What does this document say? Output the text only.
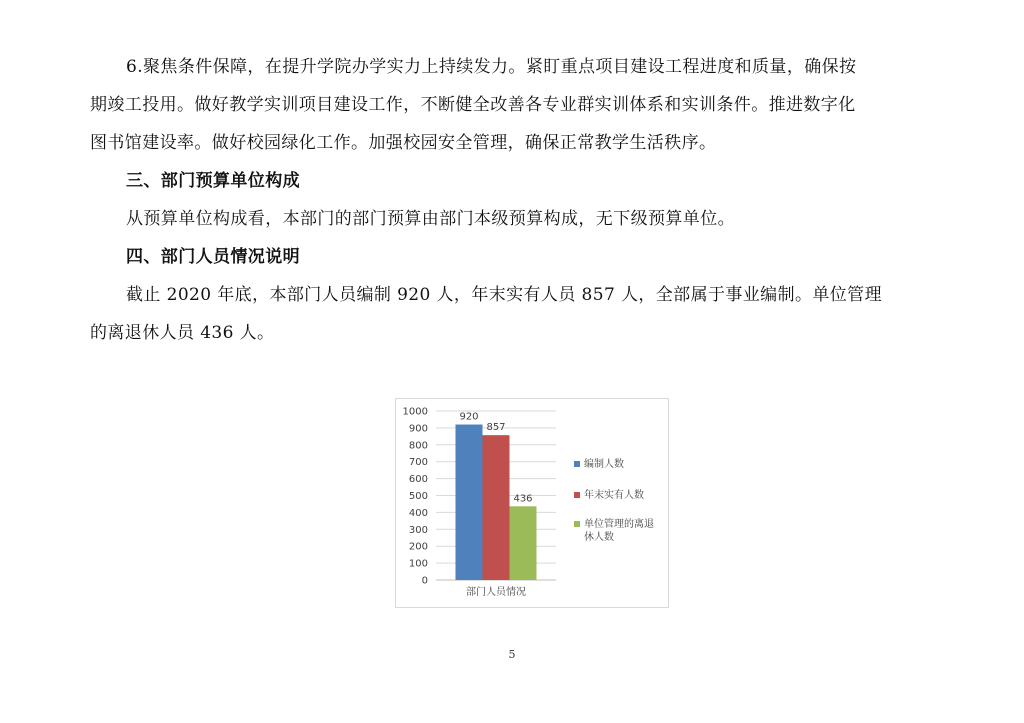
6.聚焦条件保障，在提升学院办学实力上持续发力。紧盯重点项目建设工程进度和质量，确保按
期竣工投用。做好教学实训项目建设工作，不断健全改善各专业群实训体系和实训条件。推进数字化
图书馆建设率。做好校园绿化工作。加强校园安全管理，确保正常教学生活秩序。
三、部门预算单位构成
从预算单位构成看，本部门的部门预算由部门本级预算构成，无下级预算单位。
四、部门人员情况说明
截止 2020 年底，本部门人员编制 920 人，年末实有人员 857 人，全部属于事业编制。单位管理
的离退休人员 436 人。
0
100
200
300
400
500
600
700
800
900
1000	920
857
436
部门人员情况
编制人数
年末实有人数
单位管理的离退
休人数
5
